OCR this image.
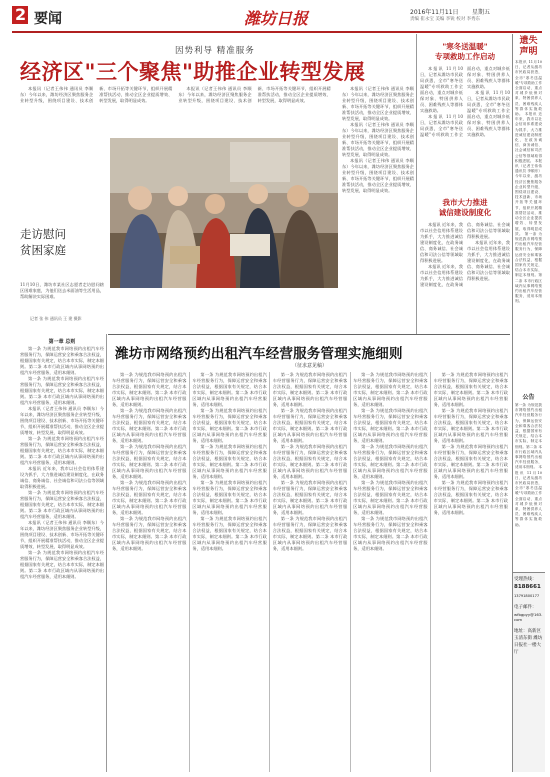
2 要闻	潍坊日报	2016年11月11日 星期五
责编 崔永宝 美编 李锐 校对 李秀东
因势利导 精准服务
经济区"三个聚焦"助推企业转型发展

本报讯（记者王伟伟 通讯员 李顺东）今年以来，潍坊经济区聚焦服务企业转型升级，围绕项目建设、技术创新、市场开拓等关键环节，组织开展精准帮扶活动，推动全区企业提质增效、转型发展，取得明显成效。

本报讯（记者王伟伟 通讯员 李顺东）今年以来，潍坊经济区聚焦服务企业转型升级，围绕项目建设、技术创新、市场开拓等关键环节，组织开展精准帮扶活动，推动全区企业提质增效、转型发展，取得明显成效。

走访慰问
贫困家庭
11月10日，潍坊市某社区志愿者走访慰问辖区困难家庭，为他们送去米面油等生活用品，帮助解决实际困难。
记者 张 伟 通讯员 王 建 摄影

本报讯（记者王伟伟 通讯员 李顺东）今年以来，潍坊经济区聚焦服务企业转型升级，围绕项目建设、技术创新、市场开拓等关键环节，组织开展精准帮扶活动，推动全区企业提质增效、转型发展，取得明显成效。

本报讯（记者王伟伟 通讯员 李顺东）今年以来，潍坊经济区聚焦服务企业转型升级，围绕项目建设、技术创新、市场开拓等关键环节，组织开展精准帮扶活动，推动全区企业提质增效、转型发展，取得明显成效。

本报讯（记者王伟伟 通讯员 李顺东）今年以来，潍坊经济区聚焦服务企业转型升级，围绕项目建设、技术创新、市场开拓等关键环节，组织开展精准帮扶活动，推动全区企业提质增效、转型发展，取得明显成效。

"寒冬送温暖"
专项救助工作启动

本报讯 11月10日，记者从潍坊市民政局获悉，全市"寒冬送温暖"专项救助工作全面启动，重点对城乡低保对象、特困供养人员、困难残疾人等群体实施救助。

本报讯 11月10日，记者从潍坊市民政局获悉，全市"寒冬送温暖"专项救助工作全面启动，重点对城乡低保对象、特困供养人员、困难残疾人等群体实施救助。

本报讯 11月10日，记者从潍坊市民政局获悉，全市"寒冬送温暖"专项救助工作全面启动，重点对城乡低保对象、特困供养人员、困难残疾人等群体实施救助。

我市大力推进
诚信建设制度化

本报讯 近年来，我市以社会信用体系建设为抓手，大力推进诚信建设制度化，在政务诚信、商务诚信、社会诚信和司法公信等领域取得积极进展。

本报讯 近年来，我市以社会信用体系建设为抓手，大力推进诚信建设制度化，在政务诚信、商务诚信、社会诚信和司法公信等领域取得积极进展。

本报讯 近年来，我市以社会信用体系建设为抓手，大力推进诚信建设制度化，在政务诚信、商务诚信、社会诚信和司法公信等领域取得积极进展。

遗失声明
本报讯 11月10日，记者从潍坊市民政局获悉，全市"寒冬送温暖"专项救助工作全面启动，重点对城乡低保对象、特困供养人员、困难残疾人等群体实施救助。 本报讯 近年来，我市以社会信用体系建设为抓手，大力推进诚信建设制度化，在政务诚信、商务诚信、社会诚信和司法公信等领域取得积极进展。 本报讯（记者王伟伟 通讯员 李顺东）今年以来，潍坊经济区聚焦服务企业转型升级，围绕项目建设、技术创新、市场开拓等关键环节，组织开展精准帮扶活动，推动全区企业提质增效、转型发展，取得明显成效。 第一条 为规范我市网络预约出租汽车经营服务行为，保障运营安全和乘客合法权益，根据国家有关规定，结合本市实际，制定本细则。第二条 本市行政区域内从事网络预约出租汽车经营服务，适用本细则。
公告
第一条 为规范我市网络预约出租汽车经营服务行为，保障运营安全和乘客合法权益，根据国家有关规定，结合本市实际，制定本细则。第二条 本市行政区域内从事网络预约出租汽车经营服务，适用本细则。 本报讯 11月10日，记者从潍坊市民政局获悉，全市"寒冬送温暖"专项救助工作全面启动，重点对城乡低保对象、特困供养人员、困难残疾人等群体实施救助。
受理热线：
8188661
13791800177
电子邮件：
wfbgpyy@163.com
地址：高新区玉清东街 潍坊日报社一楼大厅
第一章 总则

第一条 为规范我市网络预约出租汽车经营服务行为，保障运营安全和乘客合法权益，根据国家有关规定，结合本市实际，制定本细则。第二条 本市行政区域内从事网络预约出租汽车经营服务，适用本细则。

第一条 为规范我市网络预约出租汽车经营服务行为，保障运营安全和乘客合法权益，根据国家有关规定，结合本市实际，制定本细则。第二条 本市行政区域内从事网络预约出租汽车经营服务，适用本细则。

本报讯（记者王伟伟 通讯员 李顺东）今年以来，潍坊经济区聚焦服务企业转型升级，围绕项目建设、技术创新、市场开拓等关键环节，组织开展精准帮扶活动，推动全区企业提质增效、转型发展，取得明显成效。

第一条 为规范我市网络预约出租汽车经营服务行为，保障运营安全和乘客合法权益，根据国家有关规定，结合本市实际，制定本细则。第二条 本市行政区域内从事网络预约出租汽车经营服务，适用本细则。

本报讯 近年来，我市以社会信用体系建设为抓手，大力推进诚信建设制度化，在政务诚信、商务诚信、社会诚信和司法公信等领域取得积极进展。

第一条 为规范我市网络预约出租汽车经营服务行为，保障运营安全和乘客合法权益，根据国家有关规定，结合本市实际，制定本细则。第二条 本市行政区域内从事网络预约出租汽车经营服务，适用本细则。

本报讯（记者王伟伟 通讯员 李顺东）今年以来，潍坊经济区聚焦服务企业转型升级，围绕项目建设、技术创新、市场开拓等关键环节，组织开展精准帮扶活动，推动全区企业提质增效、转型发展，取得明显成效。

第一条 为规范我市网络预约出租汽车经营服务行为，保障运营安全和乘客合法权益，根据国家有关规定，结合本市实际，制定本细则。第二条 本市行政区域内从事网络预约出租汽车经营服务，适用本细则。

潍坊市网络预约出租汽车经营服务管理实施细则
（征求意见稿）

第一条 为规范我市网络预约出租汽车经营服务行为，保障运营安全和乘客合法权益，根据国家有关规定，结合本市实际，制定本细则。第二条 本市行政区域内从事网络预约出租汽车经营服务，适用本细则。

第一条 为规范我市网络预约出租汽车经营服务行为，保障运营安全和乘客合法权益，根据国家有关规定，结合本市实际，制定本细则。第二条 本市行政区域内从事网络预约出租汽车经营服务，适用本细则。

第一条 为规范我市网络预约出租汽车经营服务行为，保障运营安全和乘客合法权益，根据国家有关规定，结合本市实际，制定本细则。第二条 本市行政区域内从事网络预约出租汽车经营服务，适用本细则。

第一条 为规范我市网络预约出租汽车经营服务行为，保障运营安全和乘客合法权益，根据国家有关规定，结合本市实际，制定本细则。第二条 本市行政区域内从事网络预约出租汽车经营服务，适用本细则。

第一条 为规范我市网络预约出租汽车经营服务行为，保障运营安全和乘客合法权益，根据国家有关规定，结合本市实际，制定本细则。第二条 本市行政区域内从事网络预约出租汽车经营服务，适用本细则。

第一条 为规范我市网络预约出租汽车经营服务行为，保障运营安全和乘客合法权益，根据国家有关规定，结合本市实际，制定本细则。第二条 本市行政区域内从事网络预约出租汽车经营服务，适用本细则。

第一条 为规范我市网络预约出租汽车经营服务行为，保障运营安全和乘客合法权益，根据国家有关规定，结合本市实际，制定本细则。第二条 本市行政区域内从事网络预约出租汽车经营服务，适用本细则。

第一条 为规范我市网络预约出租汽车经营服务行为，保障运营安全和乘客合法权益，根据国家有关规定，结合本市实际，制定本细则。第二条 本市行政区域内从事网络预约出租汽车经营服务，适用本细则。

第一条 为规范我市网络预约出租汽车经营服务行为，保障运营安全和乘客合法权益，根据国家有关规定，结合本市实际，制定本细则。第二条 本市行政区域内从事网络预约出租汽车经营服务，适用本细则。

第一条 为规范我市网络预约出租汽车经营服务行为，保障运营安全和乘客合法权益，根据国家有关规定，结合本市实际，制定本细则。第二条 本市行政区域内从事网络预约出租汽车经营服务，适用本细则。

第一条 为规范我市网络预约出租汽车经营服务行为，保障运营安全和乘客合法权益，根据国家有关规定，结合本市实际，制定本细则。第二条 本市行政区域内从事网络预约出租汽车经营服务，适用本细则。

第一条 为规范我市网络预约出租汽车经营服务行为，保障运营安全和乘客合法权益，根据国家有关规定，结合本市实际，制定本细则。第二条 本市行政区域内从事网络预约出租汽车经营服务，适用本细则。

第一条 为规范我市网络预约出租汽车经营服务行为，保障运营安全和乘客合法权益，根据国家有关规定，结合本市实际，制定本细则。第二条 本市行政区域内从事网络预约出租汽车经营服务，适用本细则。

第一条 为规范我市网络预约出租汽车经营服务行为，保障运营安全和乘客合法权益，根据国家有关规定，结合本市实际，制定本细则。第二条 本市行政区域内从事网络预约出租汽车经营服务，适用本细则。

第一条 为规范我市网络预约出租汽车经营服务行为，保障运营安全和乘客合法权益，根据国家有关规定，结合本市实际，制定本细则。第二条 本市行政区域内从事网络预约出租汽车经营服务，适用本细则。

第一条 为规范我市网络预约出租汽车经营服务行为，保障运营安全和乘客合法权益，根据国家有关规定，结合本市实际，制定本细则。第二条 本市行政区域内从事网络预约出租汽车经营服务，适用本细则。

第一条 为规范我市网络预约出租汽车经营服务行为，保障运营安全和乘客合法权益，根据国家有关规定，结合本市实际，制定本细则。第二条 本市行政区域内从事网络预约出租汽车经营服务，适用本细则。

第一条 为规范我市网络预约出租汽车经营服务行为，保障运营安全和乘客合法权益，根据国家有关规定，结合本市实际，制定本细则。第二条 本市行政区域内从事网络预约出租汽车经营服务，适用本细则。

第一条 为规范我市网络预约出租汽车经营服务行为，保障运营安全和乘客合法权益，根据国家有关规定，结合本市实际，制定本细则。第二条 本市行政区域内从事网络预约出租汽车经营服务，适用本细则。

第一条 为规范我市网络预约出租汽车经营服务行为，保障运营安全和乘客合法权益，根据国家有关规定，结合本市实际，制定本细则。第二条 本市行政区域内从事网络预约出租汽车经营服务，适用本细则。

第一条 为规范我市网络预约出租汽车经营服务行为，保障运营安全和乘客合法权益，根据国家有关规定，结合本市实际，制定本细则。第二条 本市行政区域内从事网络预约出租汽车经营服务，适用本细则。

第一条 为规范我市网络预约出租汽车经营服务行为，保障运营安全和乘客合法权益，根据国家有关规定，结合本市实际，制定本细则。第二条 本市行政区域内从事网络预约出租汽车经营服务，适用本细则。

第一条 为规范我市网络预约出租汽车经营服务行为，保障运营安全和乘客合法权益，根据国家有关规定，结合本市实际，制定本细则。第二条 本市行政区域内从事网络预约出租汽车经营服务，适用本细则。

第一条 为规范我市网络预约出租汽车经营服务行为，保障运营安全和乘客合法权益，根据国家有关规定，结合本市实际，制定本细则。第二条 本市行政区域内从事网络预约出租汽车经营服务，适用本细则。
